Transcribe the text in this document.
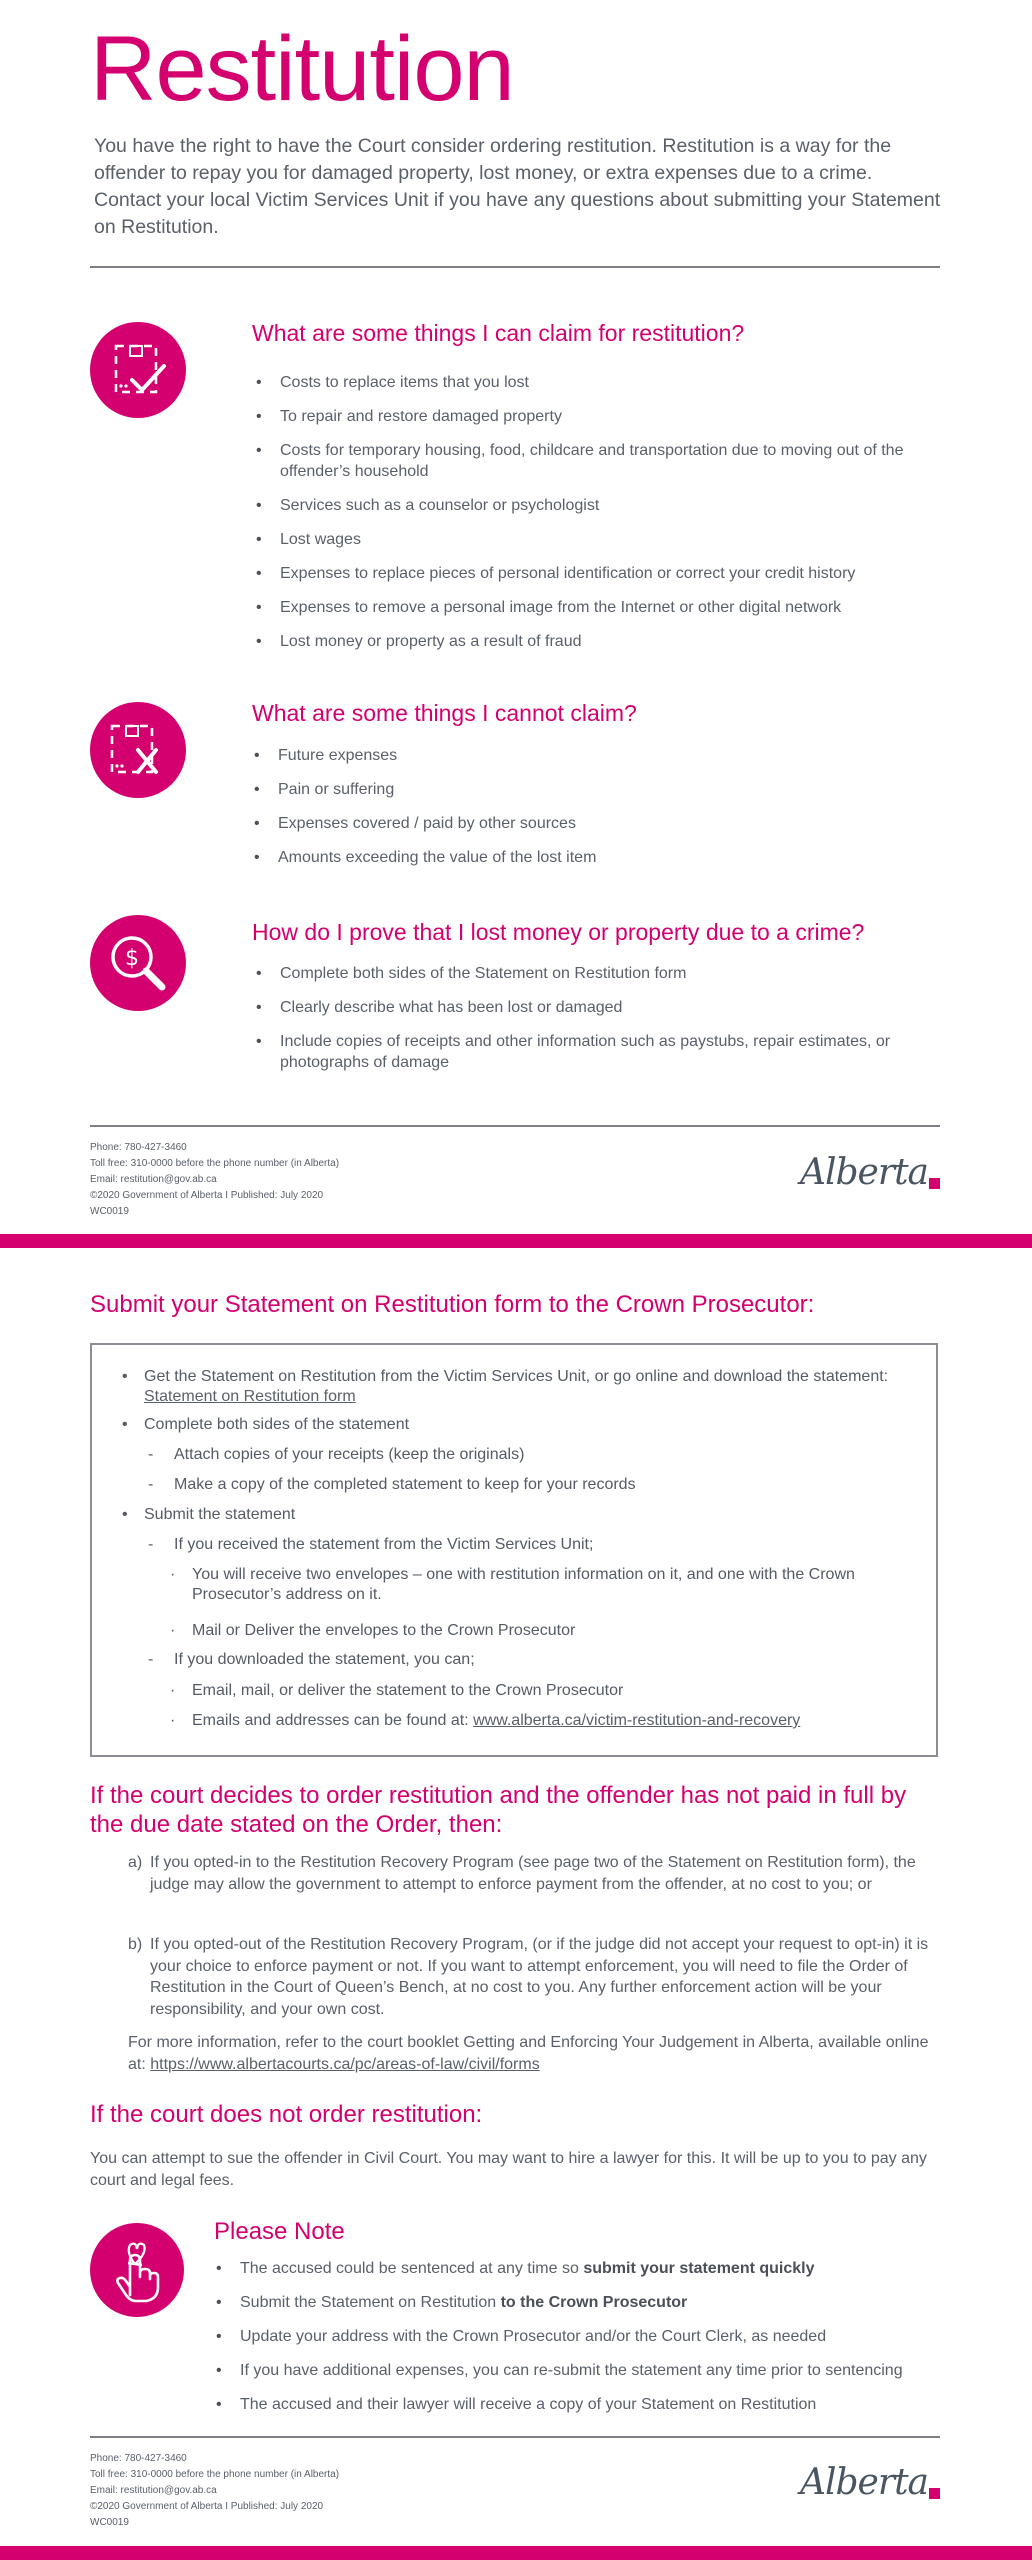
Restitution

You have the right to have the Court consider ordering restitution. Restitution is a way for the offender to repay you for damaged property, lost money, or extra expenses due to a crime. Contact your local Victim Services Unit if you have any questions about submitting your Statement on Restitution.

What are some things I can claim for restitution?
• Costs to replace items that you lost
• To repair and restore damaged property
• Costs for temporary housing, food, childcare and transportation due to moving out of the offender’s household
• Services such as a counselor or psychologist
• Lost wages
• Expenses to replace pieces of personal identification or correct your credit history
• Expenses to remove a personal image from the Internet or other digital network
• Lost money or property as a result of fraud
What are some things I cannot claim?
• Future expenses
• Pain or suffering
• Expenses covered / paid by other sources
• Amounts exceeding the value of the lost item
$
How do I prove that I lost money or property due to a crime?
• Complete both sides of the Statement on Restitution form
• Clearly describe what has been lost or damaged
• Include copies of receipts and other information such as paystubs, repair estimates, or photographs of damage
Phone: 780-427-3460
Toll free: 310-0000 before the phone number (in Alberta)
Email: restitution@gov.ab.ca
©2020 Government of Alberta I Published: July 2020
WC0019
Alberta
Submit your Statement on Restitution form to the Crown Prosecutor:
• Get the Statement on Restitution from the Victim Services Unit, or go online and download the statement: Statement on Restitution form
• Complete both sides of the statement
- Attach copies of your receipts (keep the originals)
- Make a copy of the completed statement to keep for your records
• Submit the statement
- If you received the statement from the Victim Services Unit;
· You will receive two envelopes – one with restitution information on it, and one with the Crown Prosecutor’s address on it.
· Mail or Deliver the envelopes to the Crown Prosecutor
- If you downloaded the statement, you can;
· Email, mail, or deliver the statement to the Crown Prosecutor
· Emails and addresses can be found at: www.alberta.ca/victim-restitution-and-recovery
If the court decides to order restitution and the offender has not paid in full by the due date stated on the Order, then:
a) If you opted-in to the Restitution Recovery Program (see page two of the Statement on Restitution form), the judge may allow the government to attempt to enforce payment from the offender, at no cost to you; or
b) If you opted-out of the Restitution Recovery Program, (or if the judge did not accept your request to opt-in) it is your choice to enforce payment or not. If you want to attempt enforcement, you will need to file the Order of Restitution in the Court of Queen’s Bench, at no cost to you. Any further enforcement action will be your responsibility, and your own cost.

For more information, refer to the court booklet Getting and Enforcing Your Judgement in Alberta, available online at: https://www.albertacourts.ca/pc/areas-of-law/civil/forms

If the court does not order restitution:

You can attempt to sue the offender in Civil Court. You may want to hire a lawyer for this. It will be up to you to pay any court and legal fees.

Please Note
• The accused could be sentenced at any time so submit your statement quickly
• Submit the Statement on Restitution to the Crown Prosecutor
• Update your address with the Crown Prosecutor and/or the Court Clerk, as needed
• If you have additional expenses, you can re-submit the statement any time prior to sentencing
• The accused and their lawyer will receive a copy of your Statement on Restitution
Phone: 780-427-3460
Toll free: 310-0000 before the phone number (in Alberta)
Email: restitution@gov.ab.ca
©2020 Government of Alberta I Published: July 2020
WC0019
Alberta
